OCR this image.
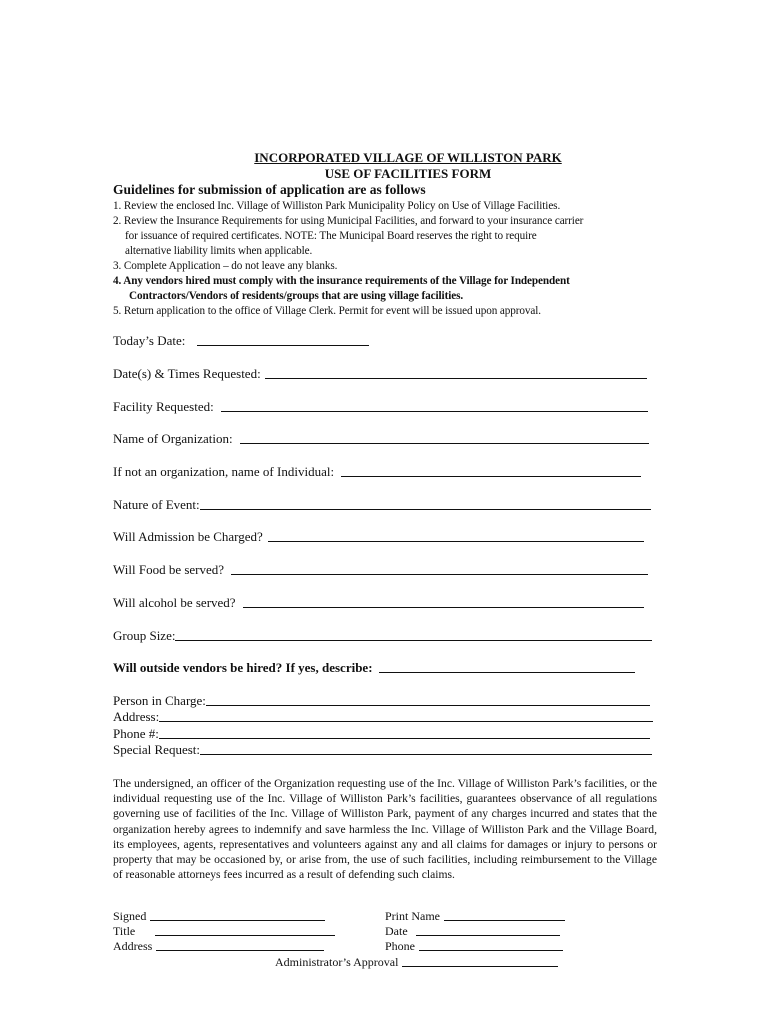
INCORPORATED VILLAGE OF WILLISTON PARK
USE OF FACILITIES FORM
Guidelines for submission of application are as follows
1. Review the enclosed Inc. Village of Williston Park Municipality Policy on Use of Village Facilities.
2. Review the Insurance Requirements for using Municipal Facilities, and forward to your insurance carrier
for issuance of required certificates. NOTE: The Municipal Board reserves the right to require
alternative liability limits when applicable.
3. Complete Application – do not leave any blanks.
4. Any vendors hired must comply with the insurance requirements of the Village for Independent
Contractors/Vendors of residents/groups that are using village facilities.
5. Return application to the office of Village Clerk. Permit for event will be issued upon approval.
Today’s Date:
Date(s) & Times Requested:
Facility Requested:
Name of Organization:
If not an organization, name of Individual:
Nature of Event:
Will Admission be Charged?
Will Food be served?
Will alcohol be served?
Group Size:
Will outside vendors be hired? If yes, describe:
Person in Charge:
Address:
Phone #:
Special Request:
The undersigned, an officer of the Organization requesting use of the Inc. Village of Williston Park’s facilities, or the individual requesting use of the Inc. Village of Williston Park’s facilities, guarantees observance of all regulations governing use of facilities of the Inc. Village of Williston Park, payment of any charges incurred and states that the organization hereby agrees to indemnify and save harmless the Inc. Village of Williston Park and the Village Board, its employees, agents, representatives and volunteers against any and all claims for damages or injury to persons or property that may be occasioned by, or arise from, the use of such facilities, including reimbursement to the Village of reasonable attorneys fees incurred as a result of defending such claims.
Signed
Title
Address
Print Name
Date
Phone
Administrator’s Approval
